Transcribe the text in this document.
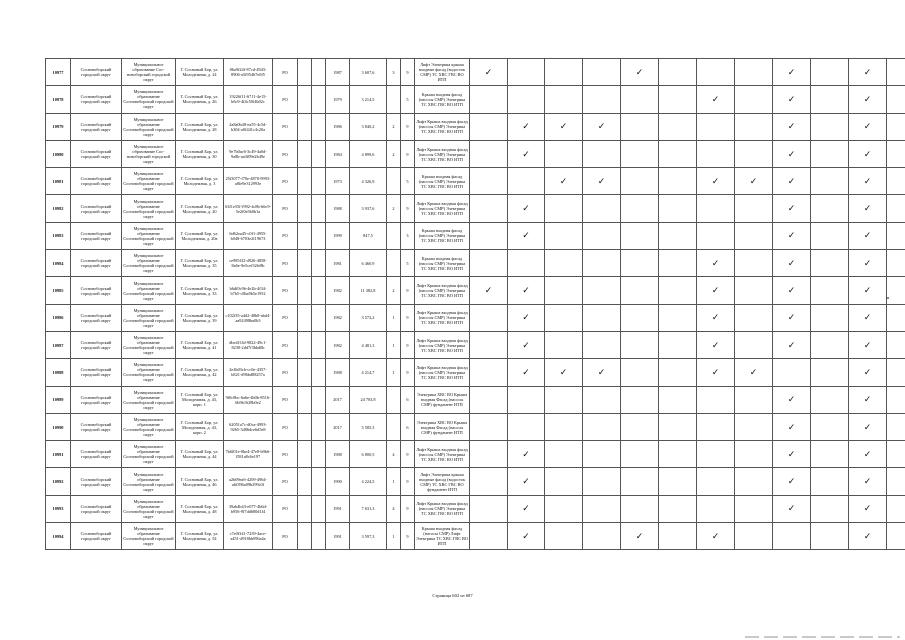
10977	Сосновоборский городской округ	Муниципальное образование Сос-новоборский городской округ	Г. Сосновый Бор, ул. Молодежная, д. 24	86a9f24f-87cd-4943-8906-a5f95467e0f5	РО			1987	3 607,6	3	9	Лифт Электрика крыша входные фасад (водосток СМР) ТС ХВС ГВС ВО ИТП	✓				✓				✓		✓	
10978	Сосновоборский городской округ	Муниципальное образование Сосновоборский городской округ	Г. Сосновый Бор, ул. Молодежная, д. 26	19226f11-6711-4e15-b6c9-4f4c50f4b02c	РО			1979	3 214,5		5	Крыша входная фасад (насосы СМР) Электрика ТС ХВС ГВС ВО ИТП							✓		✓		✓	
10979	Сосновоборский городской округ	Муниципальное образование Сосновоборский городской округ	Г. Сосновый Бор, ул. Молодежная, д. 28	2a8a0b48-ea55-4c5d-b304-a0f441c4c20a	РО			1986	3 840,2	2	9	Лифт Крыша входная фасад (насосы СМР) Электрика ТС ХВС ГВС ВО ИТП		✓	✓	✓					✓		✓	
10980	Сосновоборский городской округ	Муниципальное образование Сос-новоборский городской округ	Г. Сосновый Бор, ул. Молодежная, д. 30	9e7b0ac6-3c49-4a0d-9a8b-aa3f09e2b49e	РО			1984	4 899,6	2	9	Лифт Крыша входная фасад (насосы СМР) Электрика ТС ХВС ГВС ВО ИТП		✓							✓		✓	
10981	Сосновоборский городской округ	Муниципальное образование Сосновоборский городской округ	Г. Сосновый Бор, ул. Молодежная, д. 3	25f3077-f70e-4870-9993-a8fe9e312993e	РО			1973	4 326,9		5	Крыша входная фасад (насосы СМР) Электрика ТС ХВС ГВС ВО ИТП			✓	✓			✓	✓	✓		✓	
10982	Сосновоборский городской округ	Муниципальное образование Сосновоборский городской округ	Г. Сосновый Бор, ул. Молодежная, д. 20	63f1e55f-f992-4c8b-b6c9-5e2f0e5b0b1a	РО			1988	3 937,6	2	9	Лифт Крыша входная фасад (насосы СМР) Электрика ТС ХВС ГВС ВО ИТП		✓							✓		✓	
10983	Сосновоборский городской округ	Муниципальное образование Сосновоборский городской округ	Г. Сосновый Бор, ул. Молодежная, д. 20а	6d62ea45-c0f1-4955-b048-6703e2f19673	РО			1999	847,5		3	Крыша входная фасад (насосы СМР) Электрика ТС ХВС ГВС ВО ИТП		✓							✓		✓	
10984	Сосновоборский городской округ	Муниципальное образование Сосновоборский городской округ	Г. Сосновый Бор, ул. Молодежная, д. 35	ce985f32-d926-4858-8a6e-9e5cef32fe8b	РО			1981	6 460,9		5	Крыша входная фасад (насосы СМР) Электрика ТС ХВС ГВС ВО ИТП							✓		✓		✓	
10985	Сосновоборский городской округ	Муниципальное образование Сосновоборский городской округ	Г. Сосновый Бор, ул. Молодежная, д. 33	b6df0c9b-4e2b-4f34-b7b5-c8ba9b5e1952	РО			1982	11 382,8	2	9	Лифт Крыша входная фасад (насосы СМР) Электрика ТС ХВС ГВС ВО ИТП	✓	✓					✓		✓		✓	
10986	Сосновоборский городской округ	Муниципальное образование Сосновоборский городской округ	Г. Сосновый Бор, ул. Молодежная, д. 39	c102f35-a4d2-48b8-abd4-aa92498ba0b3	РО			1982	3 572,2	1	9	Лифт Крыша входная фасад (насосы СМР) Электрика ТС ХВС ГВС ВО ИТП		✓					✓		✓		✓	
10987	Сосновоборский городской округ	Муниципальное образование Сосновоборский городской округ	Г. Сосновый Бор, ул. Молодежная, д. 41	dbe4f13d-9822-49c1-8230-2dd7f3bbd0b	РО			1982	4 481,3	1	9	Лифт Крыша входная фасад (насосы СМР) Электрика ТС ХВС ГВС ВО ИТП		✓					✓		✓		✓	
10988	Сосновоборский городской округ	Муниципальное образование Сосновоборский городской округ	Г. Сосновый Бор, ул. Молодежная, д. 42	2e4b03cb-cc0e-4357-b821-d96bd88257a	РО			1988	4 214,7	1	9	Лифт Крыша входная фасад (насосы СМР) Электрика ТС ХВС ГВС ВО ИТП		✓	✓	✓			✓	✓			✓	
10989	Сосновоборский городской округ	Муниципальное образование Сосновоборский городской округ	Г. Сосновый Бор, ул. Молодежная, д. 43, корп. 1	9f0c8bc-6a6e-4b0b-8516-6b9b1628b0e2	РО			2017	24 703,8		6	Электрика ХВС ВО Крыша входная Фасад (насосы СМР) фундамент ИТП									✓		✓	
10990	Сосновоборский городской округ	Муниципальное образование Сосновоборский городской округ	Г. Сосновый Бор, ул. Молодежная, д. 43, корп. 2	62051a7c-d0ca-4993-9265-3486dce6d5e8	РО			2017	5 585,3		6	Электрика ХВС ВО Крыша входная Фасад (насосы СМР) фундамент ИТП									✓		✓	
10991	Сосновоборский городской округ	Муниципальное образование Сосновоборский городской округ	Г. Сосновый Бор, ул. Молодежная, д. 44	7b6f01e-0be4-47e8-b9b6-f581a8c6e197	РО			1988	6 800,5	4	9	Лифт Крыша входная фасад (насосы СМР) Электрика ТС ХВС ГВС ВО ИТП		✓							✓		✓	
10992	Сосновоборский городской округ	Муниципальное образование Сосновоборский городской округ	Г. Сосновый Бор, ул. Молодежная, д. 46	a2b09ea6-4209-4964-a6f396a09b299c0f	РО			1990	4 224,5	1	9	Лифт Электрика крыша входные фасад (водосток СМР) ТС ХВС ГВС ВО фундамент ИТП		✓							✓		✓	
10993	Сосновоборский городской округ	Муниципальное образование Сосновоборский городской округ	Г. Сосновый Бор, ул. Молодежная, д. 48	39ab4b43-e077-4b6d-b956-9f7dd680d1f4	РО			1991	7 631,3	4	9	Лифт Крыша входная фасад (насосы СМР) Электрика ТС ХВС ГВС ВО ИТП		✓							✓		✓	
10994	Сосновоборский городской округ	Муниципальное образование Сосновоборский городской округ	Г. Сосновый Бор, ул. Молодежная, д. 54	c7e0f341-7239-4ace-a451-d918bb096a4a	РО			1991	3 597,3	1	9	Крыша входная фасад (насосы СМР) Лифт Электрика ТС ХВС ГВС ВО ИТП		✓			✓		✓				✓	
Страница 602 из 687
